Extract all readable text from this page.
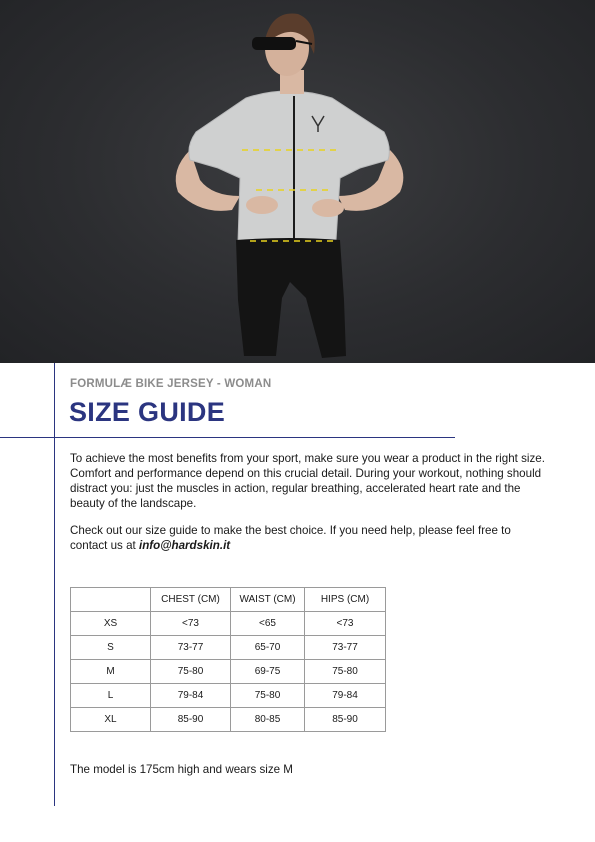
FORMULÆ BIKE JERSEY - WOMAN
SIZE GUIDE

To achieve the most benefits from your sport, make sure you wear a product in the right size. Comfort and performance depend on this crucial detail. During your workout, nothing should distract you: just the muscles in action, regular breathing, accelerated heart rate and the beauty of the landscape.

Check out our size guide to make the best choice. If you need help, please feel free to contact us at info@hardskin.it

	CHEST (CM)	WAIST (CM)	HIPS (CM)
XS	<73	<65	<73
S	73-77	65-70	73-77
M	75-80	69-75	75-80
L	79-84	75-80	79-84
XL	85-90	80-85	85-90
The model is 175cm high and wears size M
